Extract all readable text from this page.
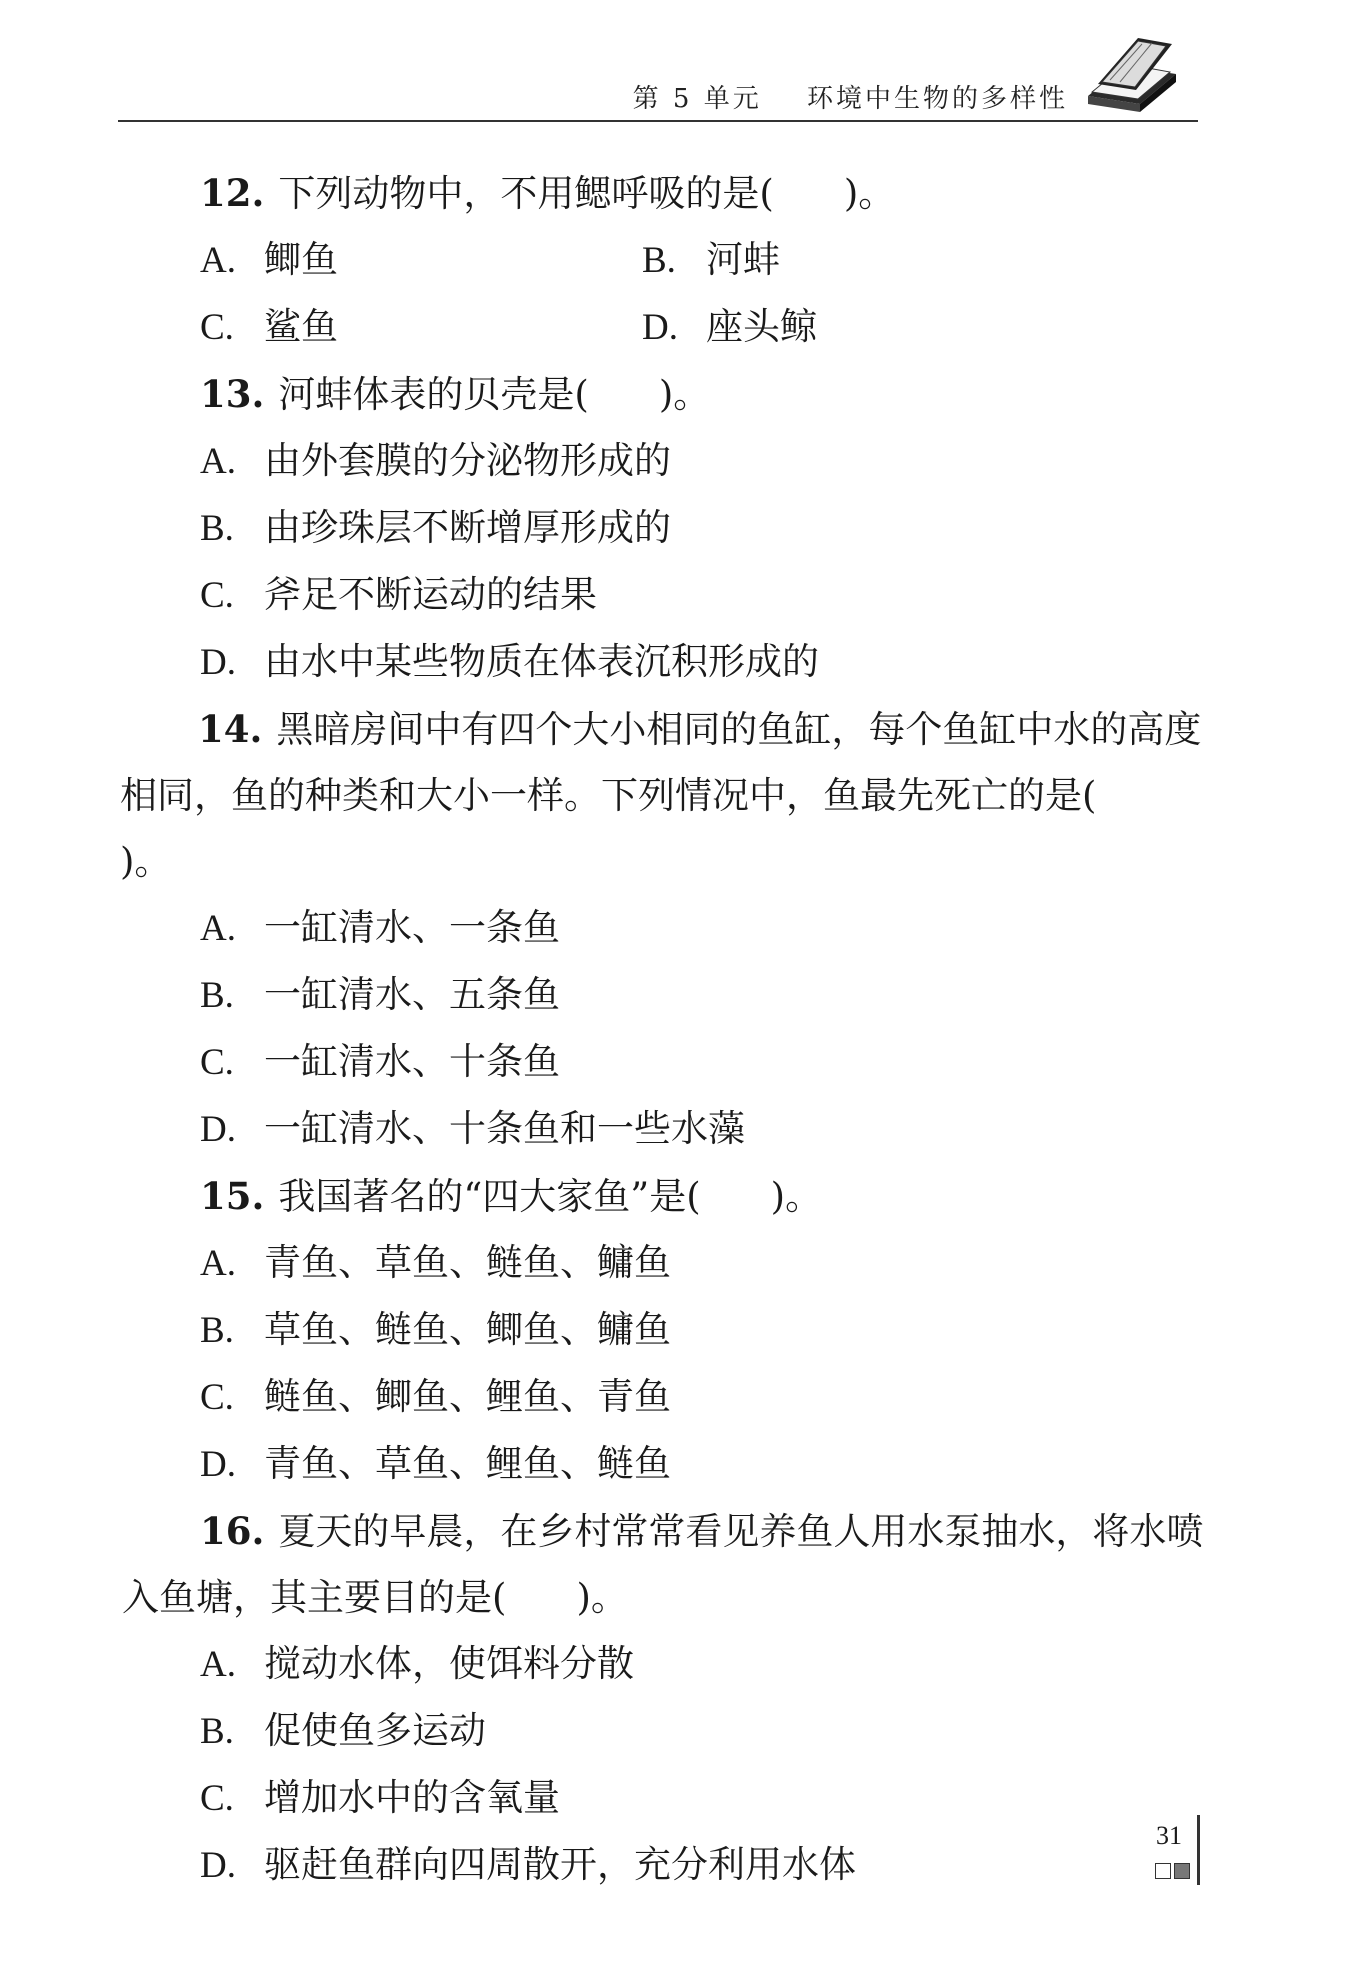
第 5 单元 环境中生物的多样性
12. 下列动物中，不用鳃呼吸的是( )。
A. 鲫鱼	B. 河蚌
C. 鲨鱼	D. 座头鲸
13. 河蚌体表的贝壳是( )。
A. 由外套膜的分泌物形成的
B. 由珍珠层不断增厚形成的
C. 斧足不断运动的结果
D. 由水中某些物质在体表沉积形成的
14. 黑暗房间中有四个大小相同的鱼缸，每个鱼缸中水的高度相同，鱼的种类和大小一样。下列情况中，鱼最先死亡的是()。
A. 一缸清水、一条鱼
B. 一缸清水、五条鱼
C. 一缸清水、十条鱼
D. 一缸清水、十条鱼和一些水藻
15. 我国著名的“四大家鱼”是( )。
A. 青鱼、草鱼、鲢鱼、鳙鱼
B. 草鱼、鲢鱼、鲫鱼、鳙鱼
C. 鲢鱼、鲫鱼、鲤鱼、青鱼
D. 青鱼、草鱼、鲤鱼、鲢鱼
16. 夏天的早晨，在乡村常常看见养鱼人用水泵抽水，将水喷入鱼塘，其主要目的是( )。
A. 搅动水体，使饵料分散
B. 促使鱼多运动
C. 增加水中的含氧量
D. 驱赶鱼群向四周散开，充分利用水体
31
